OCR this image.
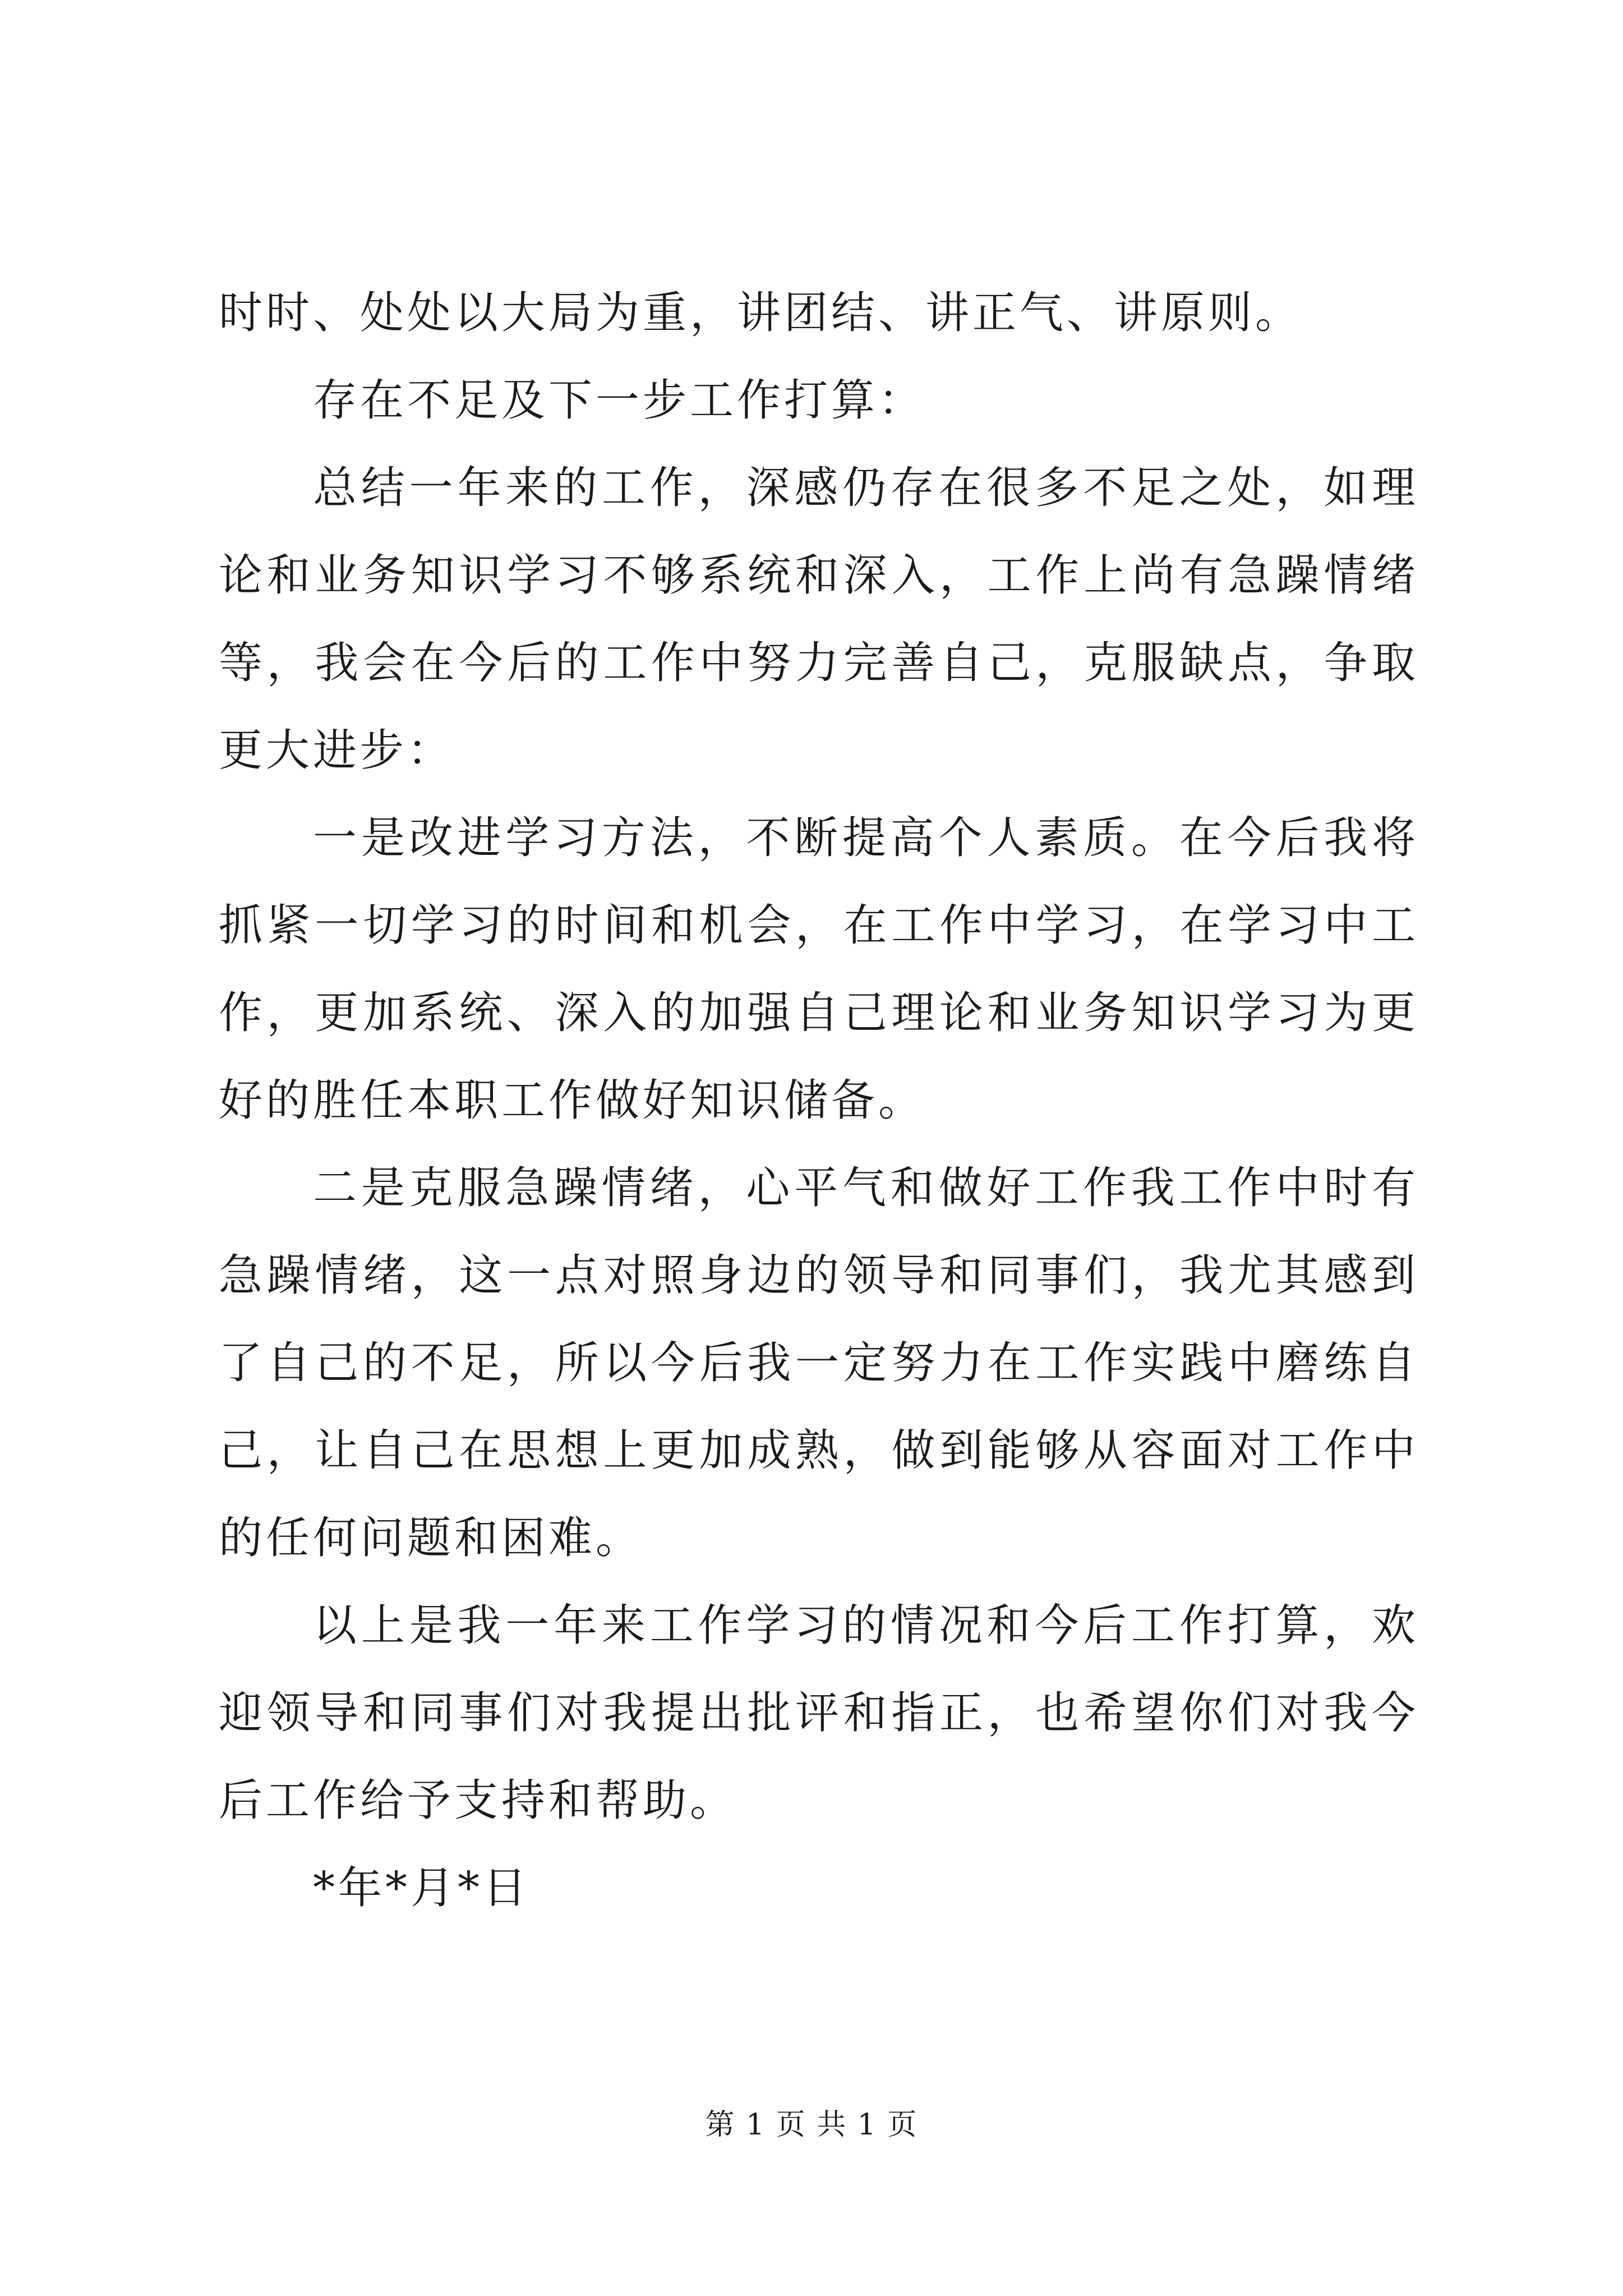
时时、处处以大局为重，讲团结、讲正气、讲原则。

存在不足及下一步工作打算：

总结一年来的工作，深感仍存在很多不足之处，如理论和业务知识学习不够系统和深入，工作上尚有急躁情绪等，我会在今后的工作中努力完善自己，克服缺点，争取更大进步：

一是改进学习方法，不断提高个人素质。在今后我将抓紧一切学习的时间和机会，在工作中学习，在学习中工作，更加系统、深入的加强自己理论和业务知识学习为更好的胜任本职工作做好知识储备。

二是克服急躁情绪，心平气和做好工作我工作中时有急躁情绪，这一点对照身边的领导和同事们，我尤其感到了自己的不足，所以今后我一定努力在工作实践中磨练自己，让自己在思想上更加成熟，做到能够从容面对工作中的任何问题和困难。

以上是我一年来工作学习的情况和今后工作打算，欢迎领导和同事们对我提出批评和指正，也希望你们对我今后工作给予支持和帮助。

*年*月*日

第 1 页 共 1 页
